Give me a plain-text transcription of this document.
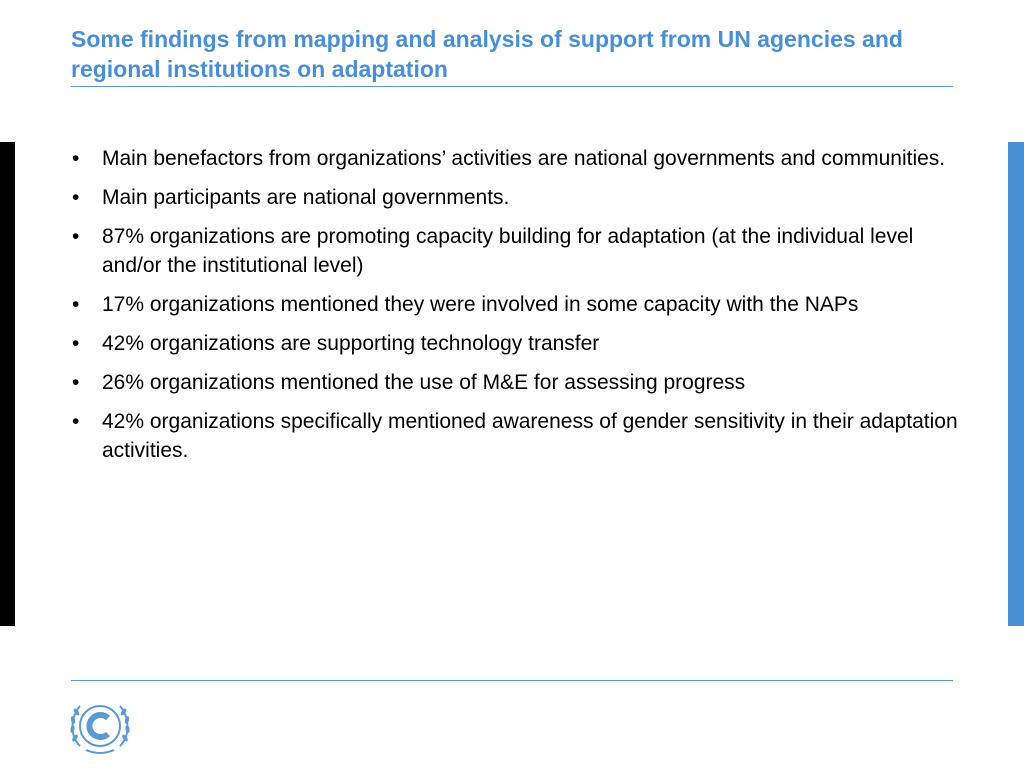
Some findings from mapping and analysis of support from UN agencies and regional institutions on adaptation
• Main benefactors from organizations’ activities are national governments and communities.
• Main participants are national governments.
• 87% organizations are promoting capacity building for adaptation (at the individual level and/or the institutional level)
• 17% organizations mentioned they were involved in some capacity with the NAPs
• 42% organizations are supporting technology transfer
• 26% organizations mentioned the use of M&E for assessing progress
• 42% organizations specifically mentioned awareness of gender sensitivity in their adaptation activities.
